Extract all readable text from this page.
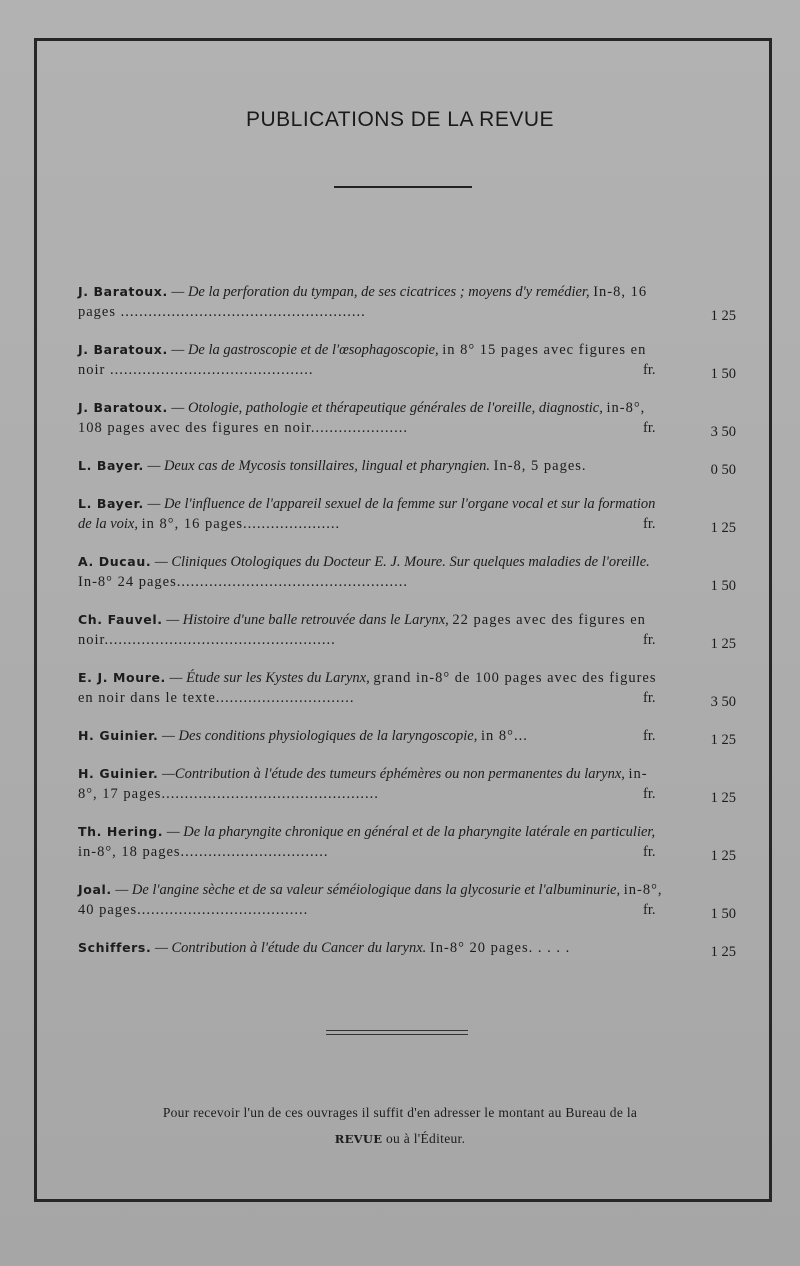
PUBLICATIONS DE LA REVUE
J. Baratoux. — De la perforation du tympan, de ses cicatrices ; moyens d'y remédier, In-8, 16 pages .....................................................	1 25
J. Baratoux. — De la gastroscopie et de l'œsophagoscopie, in 8° 15 pages avec figures en noir ............................................	fr.	1 50
J. Baratoux. — Otologie, pathologie et thérapeutique générales de l'oreille, diagnostic, in-8°, 108 pages avec des figures en noir.....................	fr.	3 50
L. Bayer. — Deux cas de Mycosis tonsillaires, lingual et pharyngien. In-8, 5 pages.	0 50
L. Bayer. — De l'influence de l'appareil sexuel de la femme sur l'organe vocal et sur la formation de la voix, in 8°, 16 pages.....................	fr.	1 25
A. Ducau. — Cliniques Otologiques du Docteur E. J. Moure. Sur quelques maladies de l'oreille. In-8° 24 pages..................................................	1 50
Ch. Fauvel. — Histoire d'une balle retrouvée dans le Larynx, 22 pages avec des figures en noir..................................................	fr.	1 25
E. J. Moure. — Étude sur les Kystes du Larynx, grand in-8° de 100 pages avec des figures en noir dans le texte..............................	fr.	3 50
H. Guinier. — Des conditions physiologiques de la laryngoscopie, in 8°...	fr.	1 25
H. Guinier. —Contribution à l'étude des tumeurs éphémères ou non permanentes du larynx, in-8°, 17 pages...............................................	fr.	1 25
Th. Hering. — De la pharyngite chronique en général et de la pharyngite latérale en particulier, in-8°, 18 pages................................	fr.	1 25
Joal. — De l'angine sèche et de sa valeur séméiologique dans la glycosurie et l'albuminurie, in-8°, 40 pages.....................................	fr.	1 50
Schiffers. — Contribution à l'étude du Cancer du larynx. In-8° 20 pages. . . . .	1 25
Pour recevoir l'un de ces ouvrages il suffit d'en adresser le montant au Bureau de la
REVUE ou à l'Éditeur.
